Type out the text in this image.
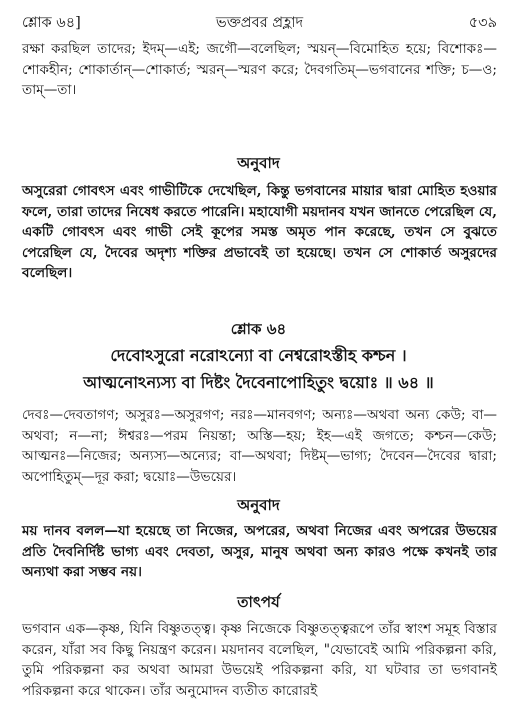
শ্লোক ৬৪]	ভক্তপ্রবর প্রহ্লাদ	৫৩৯

রক্ষা করছিল তাদের; ইদম্—এই; জগৌ—বলেছিল; স্ময়ন্—বিমোহিত হয়ে; বিশোকঃ—শোকহীন; শোকার্তান্—শোকার্ত; স্মরন্—স্মরণ করে; দৈবগতিম্—ভগবানের শক্তি; চ—ও; তাম্—তা।

অনুবাদ

অসুরেরা গোবৎস এবং গাভীটিকে দেখেছিল, কিন্তু ভগবানের মায়ার দ্বারা মোহিত হওয়ার ফলে, তারা তাদের নিষেধ করতে পারেনি। মহাযোগী ময়দানব যখন জানতে পেরেছিল যে, একটি গোবৎস এবং গাভী সেই কূপের সমস্ত অমৃত পান করেছে, তখন সে বুঝতে পেরেছিল যে, দৈবের অদৃশ্য শক্তির প্রভাবেই তা হয়েছে। তখন সে শোকার্ত অসুরদের বলেছিল।

শ্লোক ৬৪

দেবোঽসুরো নরোঽন্যো বা নেশ্বরোঽস্তীহ কশ্চন ।

আত্মনোঽন্যস্য বা দিষ্টং দৈবেনাপোহিতুং দ্বয়োঃ ॥ ৬৪ ॥

দেবঃ—দেবতাগণ; অসুরঃ—অসুরগণ; নরঃ—মানবগণ; অন্যঃ—অথবা অন্য কেউ; বা—অথবা; ন—না; ঈশ্বরঃ—পরম নিয়ন্তা; অস্তি—হয়; ইহ—এই জগতে; কশ্চন—কেউ; আত্মনঃ—নিজের; অন্যস্য—অন্যের; বা—অথবা; দিষ্টম্—ভাগ্য; দৈবেন—দৈবের দ্বারা; অপোহিতুম্—দূর করা; দ্বয়োঃ—উভয়ের।

অনুবাদ

ময় দানব বলল—যা হয়েছে তা নিজের, অপরের, অথবা নিজের এবং অপরের উভয়ের প্রতি দৈবনির্দিষ্ট ভাগ্য এবং দেবতা, অসুর, মানুষ অথবা অন্য কারও পক্ষে কখনই তার অন্যথা করা সম্ভব নয়।

তাৎপর্য

ভগবান এক—কৃষ্ণ, যিনি বিষ্ণুতত্ত্ব। কৃষ্ণ নিজেকে বিষ্ণুতত্ত্বরূপে তাঁর স্বাংশ সমূহ বিস্তার করেন, যাঁরা সব কিছু নিয়ন্ত্রণ করেন। ময়দানব বলেছিল, "যেভাবেই আমি পরিকল্পনা করি, তুমি পরিকল্পনা কর অথবা আমরা উভয়েই পরিকল্পনা করি, যা ঘটবার তা ভগবানই পরিকল্পনা করে থাকেন। তাঁর অনুমোদন ব্যতীত কারোরই
